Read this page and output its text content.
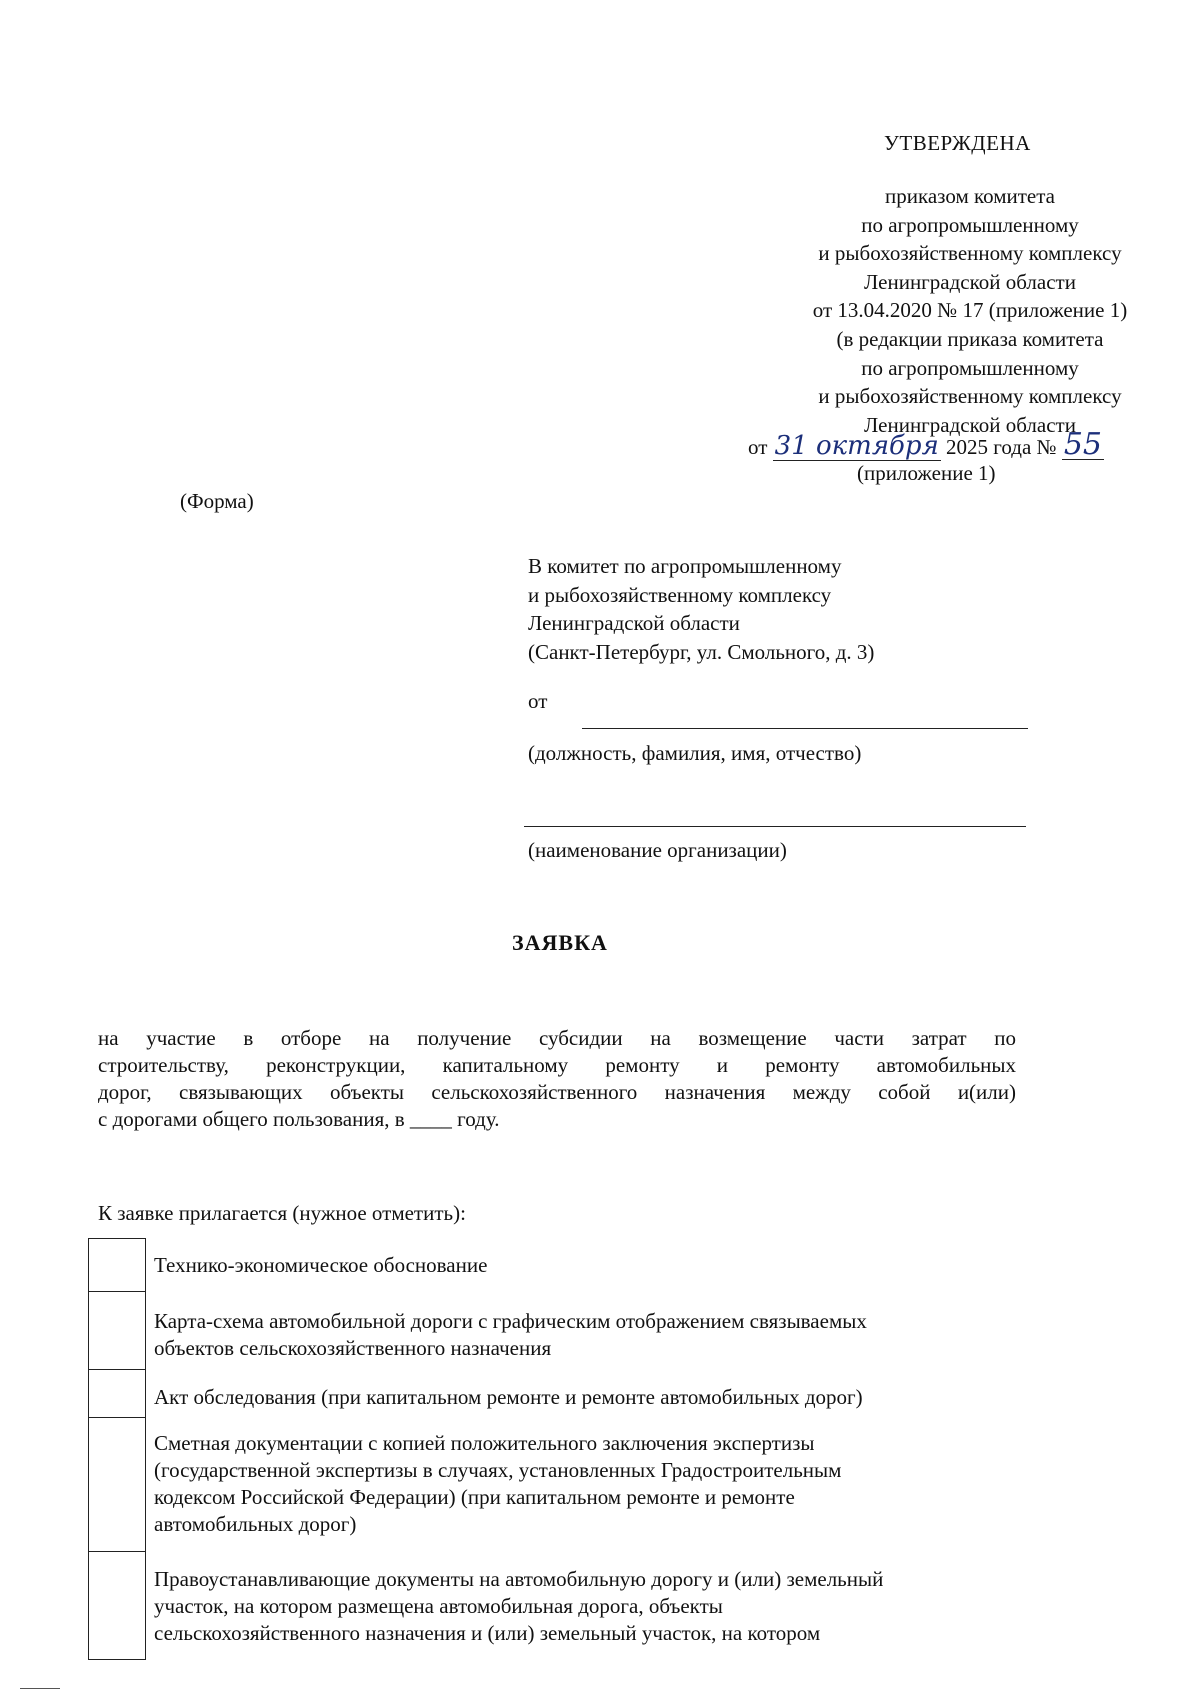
УТВЕРЖДЕНА
приказом комитета
по агропромышленному
и рыбохозяйственному комплексу
Ленинградской области
от 13.04.2020 № 17 (приложение 1)
(в редакции приказа комитета
по агропромышленному
и рыбохозяйственному комплексу
Ленинградской области
от 31 октября 2025 года № 55
(приложение 1)
(Форма)
В комитет по агропромышленному
и рыбохозяйственному комплексу
Ленинградской области
(Санкт-Петербург, ул. Смольного, д. 3)
от
(должность, фамилия, имя, отчество)
(наименование организации)
ЗАЯВКА
на участие в отборе на получение субсидии на возмещение части затрат по
строительству, реконструкции, капитальному ремонту и ремонту автомобильных
дорог, связывающих объекты сельскохозяйственного назначения между собой и(или)
с дорогами общего пользования, в ____ году.
К заявке прилагается (нужное отметить):
Технико-экономическое обоснование
Карта-схема автомобильной дороги с графическим отображением связываемых
объектов сельскохозяйственного назначения
Акт обследования (при капитальном ремонте и ремонте автомобильных дорог)
Сметная документации с копией положительного заключения экспертизы
(государственной экспертизы в случаях, установленных Градостроительным
кодексом Российской Федерации) (при капитальном ремонте и ремонте
автомобильных дорог)
Правоустанавливающие документы на автомобильную дорогу и (или) земельный
участок, на котором размещена автомобильная дорога, объекты
сельскохозяйственного назначения и (или) земельный участок, на котором
